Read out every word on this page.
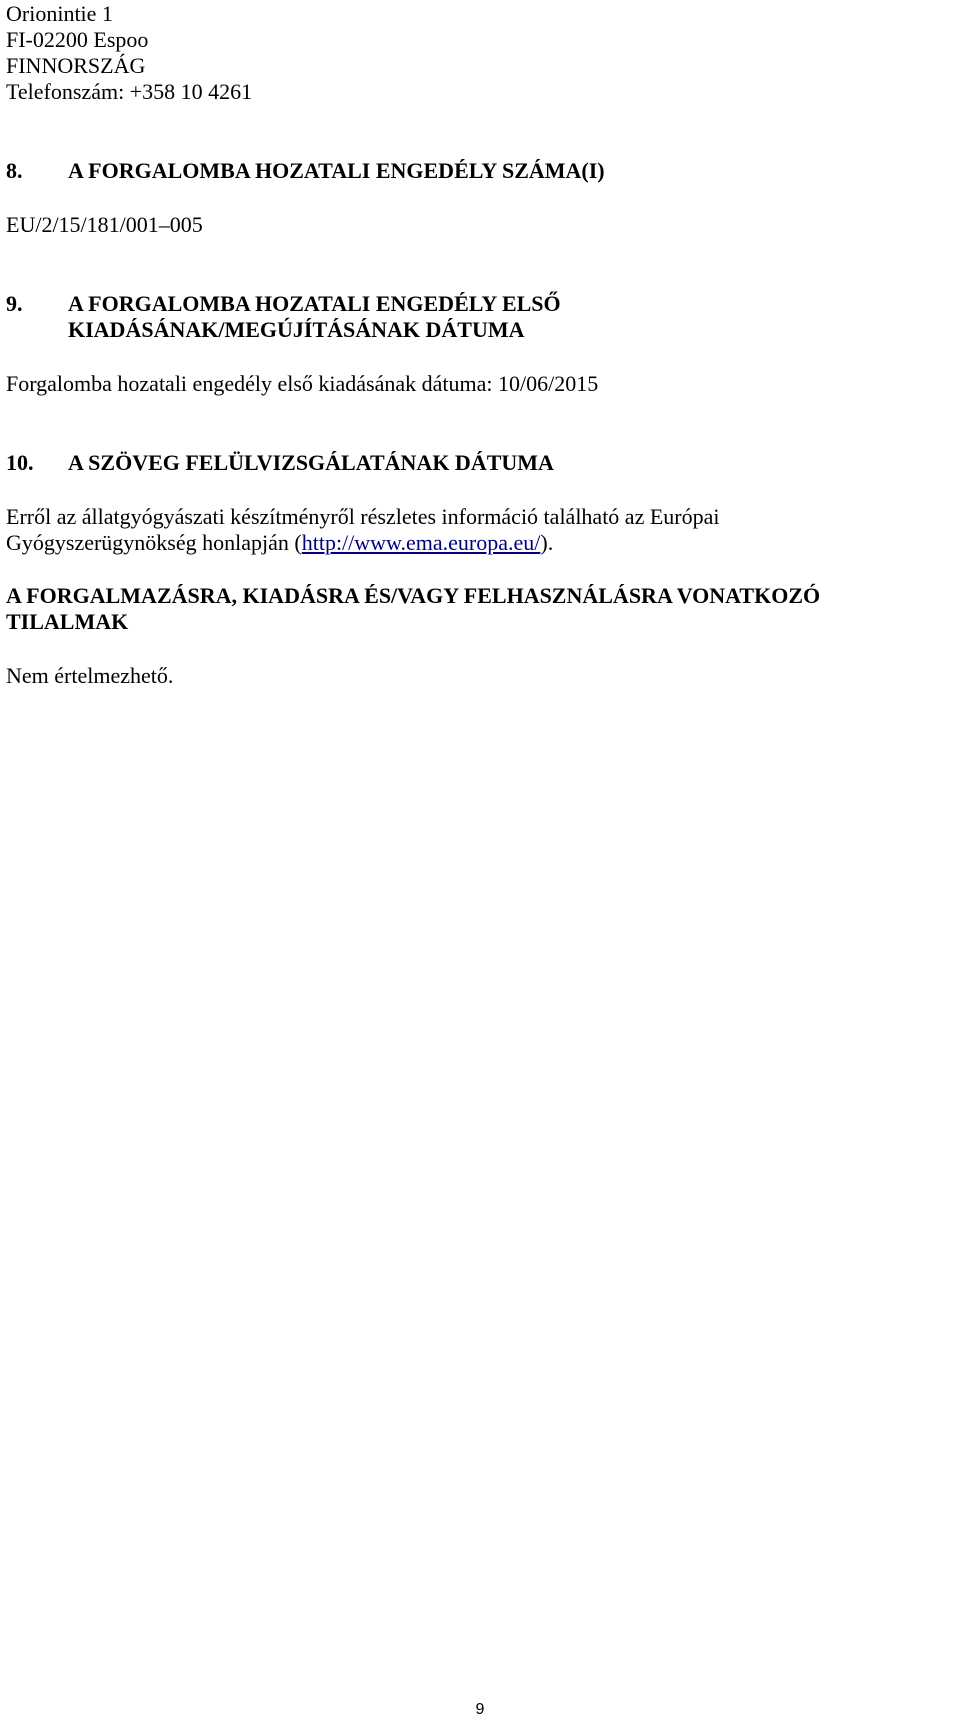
Orionintie 1
FI-02200 Espoo
FINNORSZÁG
Telefonszám: +358 10 4261
8. A FORGALOMBA HOZATALI ENGEDÉLY SZÁMA(I)
EU/2/15/181/001–005
9. A FORGALOMBA HOZATALI ENGEDÉLY ELSŐ
KIADÁSÁNAK/MEGÚJÍTÁSÁNAK DÁTUMA
Forgalomba hozatali engedély első kiadásának dátuma: 10/06/2015
10. A SZÖVEG FELÜLVIZSGÁLATÁNAK DÁTUMA
Erről az állatgyógyászati készítményről részletes információ található az Európai
Gyógyszerügynökség honlapján (http://www.ema.europa.eu/).
A FORGALMAZÁSRA, KIADÁSRA ÉS/VAGY FELHASZNÁLÁSRA VONATKOZÓ
TILALMAK
Nem értelmezhető.
9
